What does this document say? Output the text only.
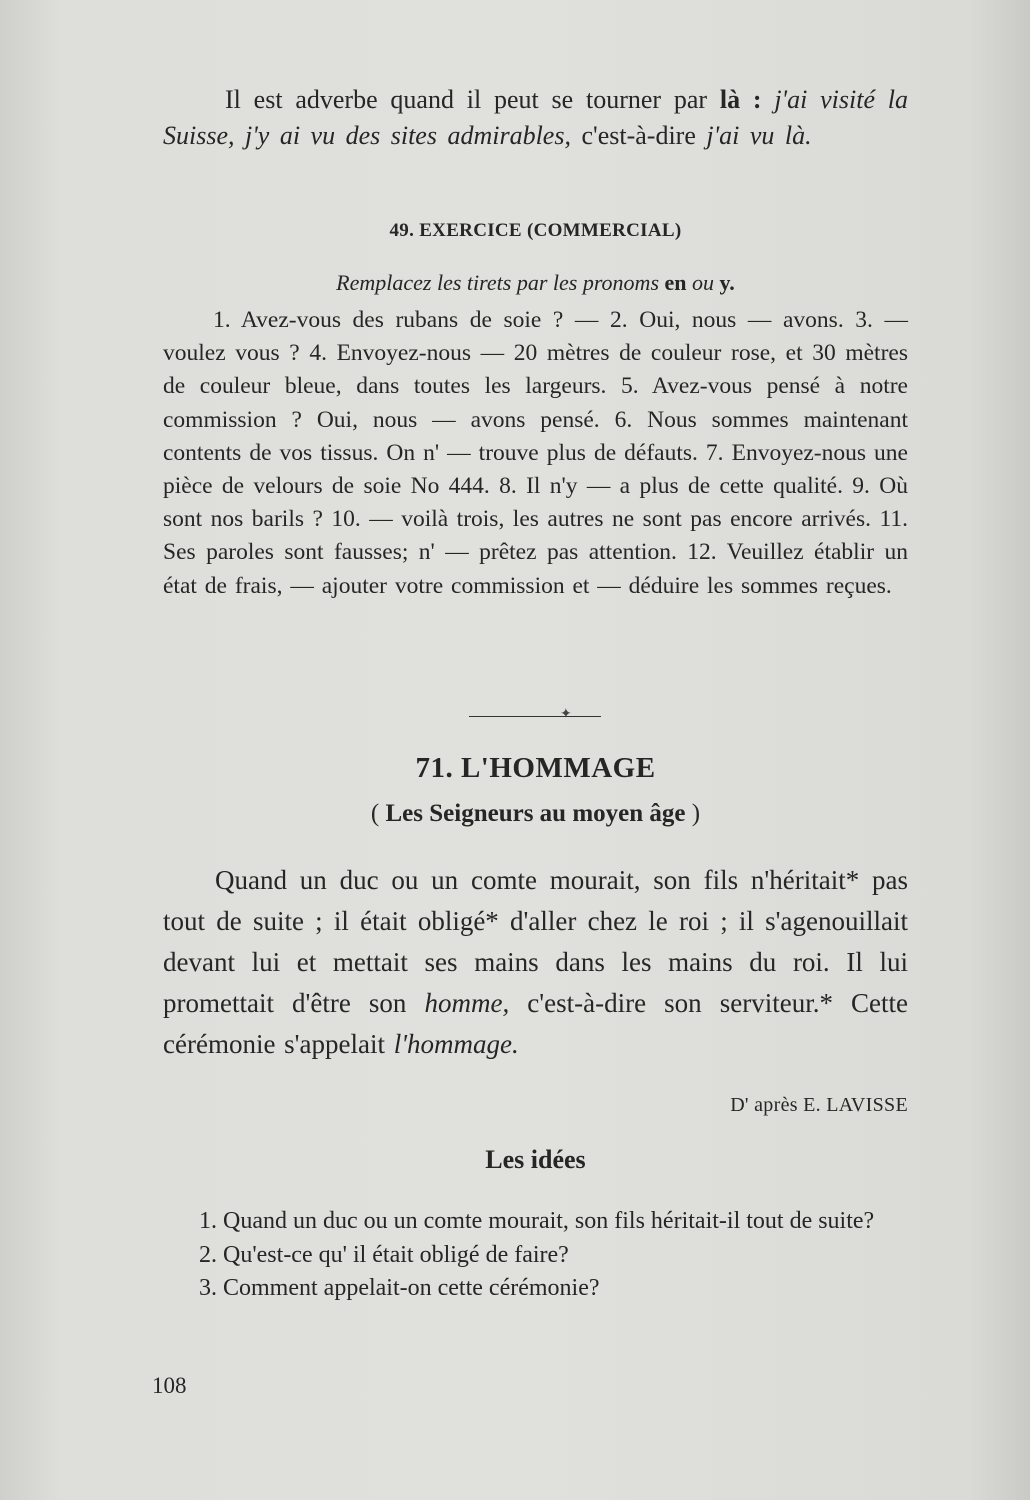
Il est adverbe quand il peut se tourner par là : j'ai visité la Suisse, j'y ai vu des sites admirables, c'est-à-dire j'ai vu là.

49. EXERCICE (COMMERCIAL)

Remplacez les tirets par les pronoms en ou y.

1. Avez-vous des rubans de soie ? — 2. Oui, nous — avons. 3. — voulez vous ? 4. Envoyez-nous — 20 mètres de couleur rose, et 30 mètres de couleur bleue, dans toutes les largeurs. 5. Avez-vous pensé à notre commission ? Oui, nous — avons pensé. 6. Nous sommes maintenant contents de vos tissus. On n' — trouve plus de défauts. 7. Envoyez-nous une pièce de velours de soie No 444. 8. Il n'y — a plus de cette qualité. 9. Où sont nos barils ? 10. — voilà trois, les autres ne sont pas encore arrivés. 11. Ses paroles sont fausses; n' — prêtez pas attention. 12. Veuillez établir un état de frais, — ajouter votre commission et — déduire les sommes reçues.

✦

71. L'HOMMAGE

( Les Seigneurs au moyen âge )

Quand un duc ou un comte mourait, son fils n'héritait* pas tout de suite ; il était obligé* d'aller chez le roi ; il s'agenouillait devant lui et mettait ses mains dans les mains du roi. Il lui promettait d'être son homme, c'est-à-dire son serviteur.* Cette cérémonie s'appelait l'hommage.

D' après E. LAVISSE

Les idées

1. Quand un duc ou un comte mourait, son fils héritait-il tout de suite?

2. Qu'est-ce qu' il était obligé de faire?

3. Comment appelait-on cette cérémonie?

108
